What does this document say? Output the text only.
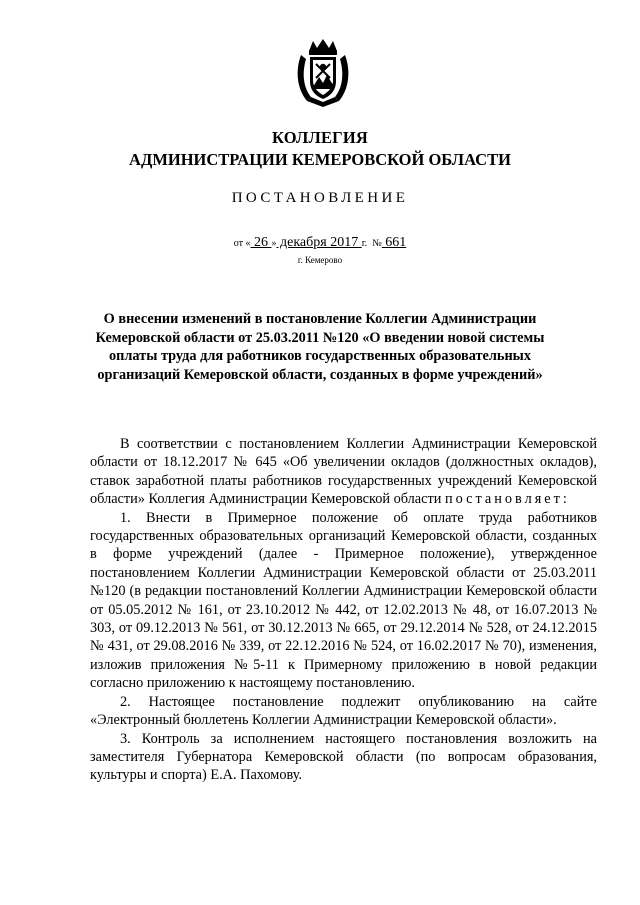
КОЛЛЕГИЯ
АДМИНИСТРАЦИИ КЕМЕРОВСКОЙ ОБЛАСТИ
ПОСТАНОВЛЕНИЕ
от « 26 » декабря 2017 г. № 661
г. Кемерово
О внесении изменений в постановление Коллегии Администрации Кемеровской области от 25.03.2011 №120 «О введении новой системы оплаты труда для работников государственных образовательных организаций Кемеровской области, созданных в форме учреждений»

В соответствии с постановлением Коллегии Администрации Кемеровской области от 18.12.2017 № 645 «Об увеличении окладов (должностных окладов), ставок заработной платы работников государственных учреждений Кемеровской области» Коллегия Администрации Кемеровской области постановляет:

1. Внести в Примерное положение об оплате труда работников государственных образовательных организаций Кемеровской области, созданных в форме учреждений (далее - Примерное положение), утвержденное постановлением Коллегии Администрации Кемеровской области от 25.03.2011 №120 (в редакции постановлений Коллегии Администрации Кемеровской области от 05.05.2012 № 161, от 23.10.2012 № 442, от 12.02.2013 № 48, от 16.07.2013 № 303, от 09.12.2013 № 561, от 30.12.2013 № 665, от 29.12.2014 № 528, от 24.12.2015 № 431, от 29.08.2016 № 339, от 22.12.2016 № 524, от 16.02.2017 № 70), изменения, изложив приложения №5-11 к Примерному приложению в новой редакции согласно приложению к настоящему постановлению.

2. Настоящее постановление подлежит опубликованию на сайте «Электронный бюллетень Коллегии Администрации Кемеровской области».

3. Контроль за исполнением настоящего постановления возложить на заместителя Губернатора Кемеровской области (по вопросам образования, культуры и спорта) Е.А. Пахомову.
